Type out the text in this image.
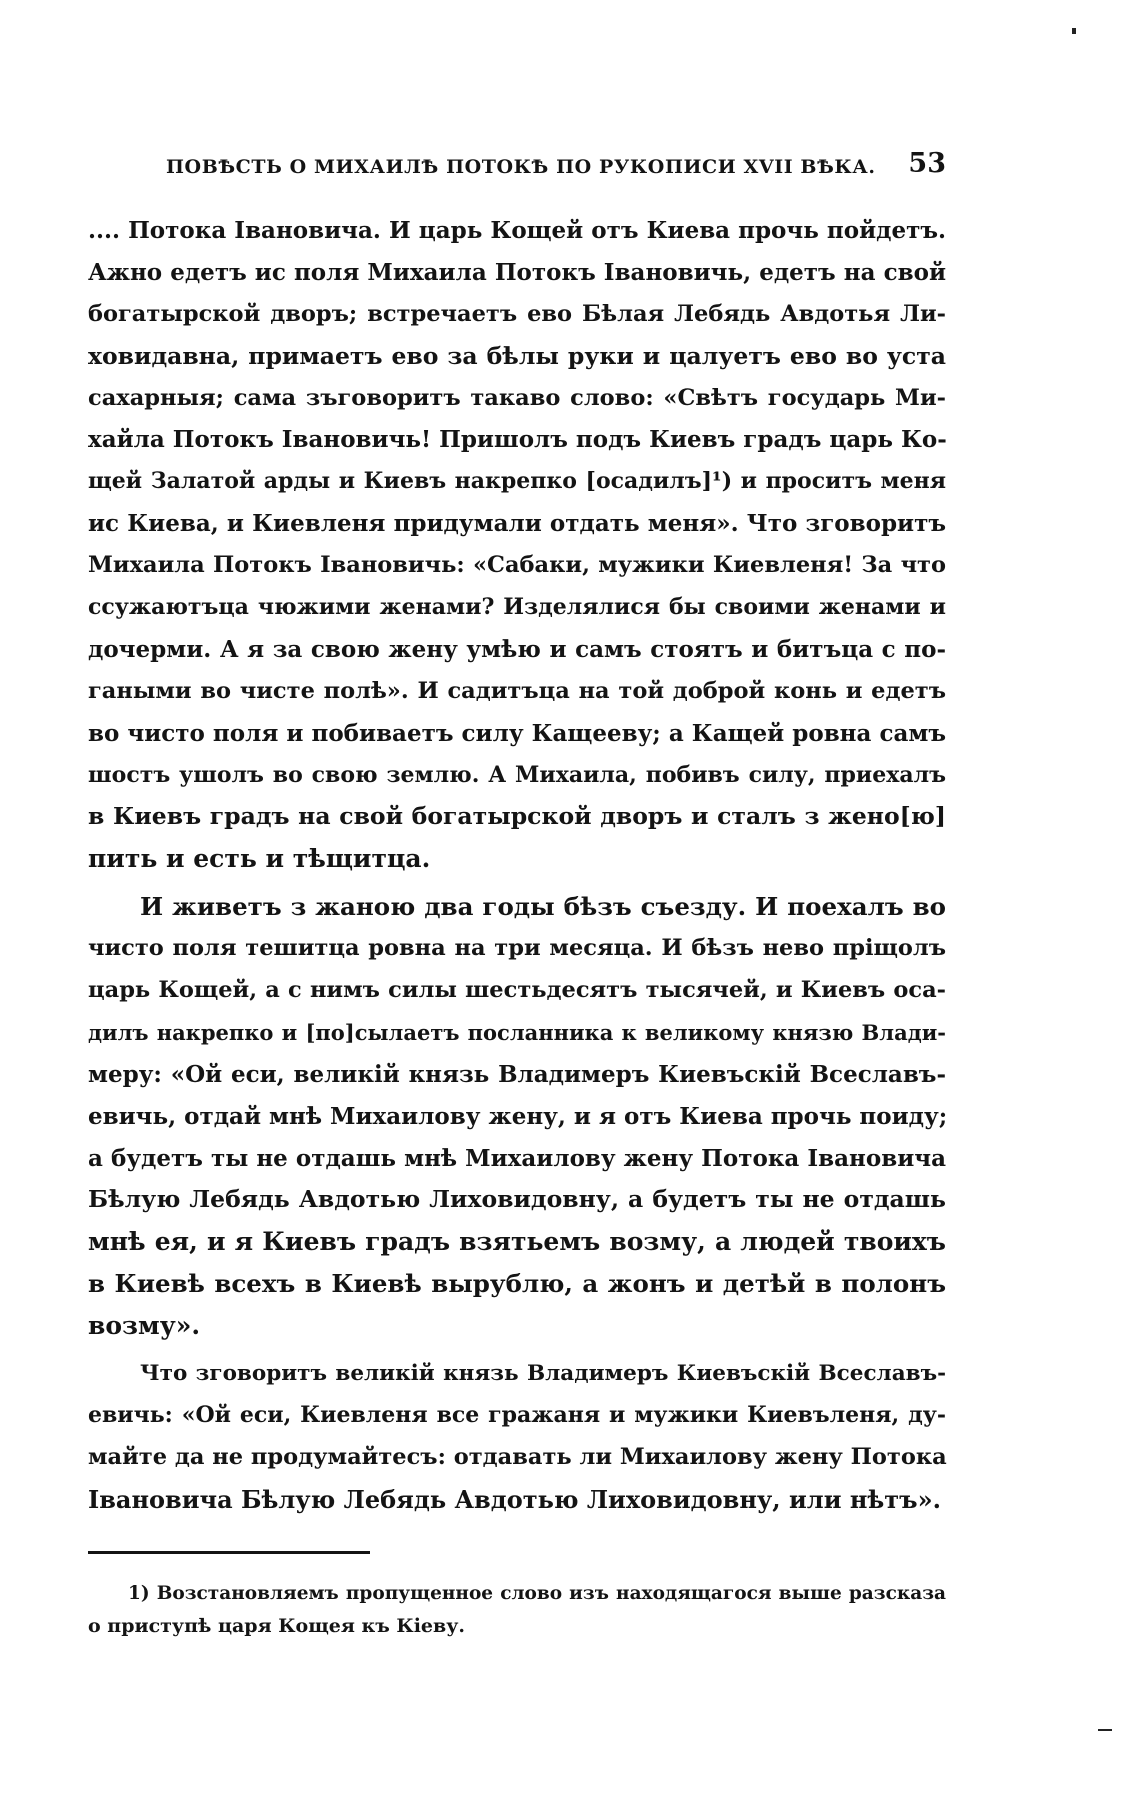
ПОВѢСТЬ О МИХАИЛѢ ПОТОКѢ ПО РУКОПИСИ XVII ВѢКА. 53
.... Потока Івановича. И царь Кощей отъ Киева прочь пойдетъ.
Ажно едетъ ис поля Михаила Потокъ Івановичь, едетъ на свой
богатырской дворъ; встречаетъ ево Бѣлая Лебядь Авдотья Ли-
ховидавна, примаетъ ево за бѣлы руки и цалуетъ ево во уста
сахарныя; сама зъговоритъ такаво слово: «Свѣтъ государь Ми-
хайла Потокъ Івановичь! Пришолъ подъ Киевъ градъ царь Ко-
щей Залатой арды и Киевъ накрепко [осадилъ]¹) и проситъ меня
ис Киева, и Киевленя придумали отдать меня». Что зговоритъ
Михаила Потокъ Івановичь: «Сабаки, мужики Киевленя! За что
ссужаютъца чюжими женами? Изделялися бы своими женами и
дочерми. А я за свою жену умѣю и самъ стоятъ и битъца с по-
гаными во чисте полѣ». И садитъца на той доброй конь и едетъ
во чисто поля и побиваетъ силу Кащееву; а Кащей ровна самъ
шостъ ушолъ во свою землю. А Михаила, побивъ силу, приехалъ
в Киевъ градъ на свой богатырской дворъ и сталъ з жено[ю]
пить и есть и тѣщитца.
И живетъ з жаною два годы бѣзъ съезду. И поехалъ во
чисто поля тешитца ровна на три месяца. И бѣзъ нево пріщолъ
царь Кощей, а с нимъ силы шестьдесятъ тысячей, и Киевъ оса-
дилъ накрепко и [по]сылаетъ посланника к великому князю Влади-
меру: «Ой еси, великій князь Владимеръ Киевъскій Всеславъ-
евичь, отдай мнѣ Михаилову жену, и я отъ Киева прочь поиду;
а будетъ ты не отдашь мнѣ Михаилову жену Потока Івановича
Бѣлую Лебядь Авдотью Лиховидовну, а будетъ ты не отдашь
мнѣ ея, и я Киевъ градъ взятьемъ возму, а людей твоихъ
в Киевѣ всехъ в Киевѣ вырублю, а жонъ и детѣй в полонъ
возму».
Что зговоритъ великій князь Владимеръ Киевъскій Всеславъ-
евичь: «Ой еси, Киевленя все гражаня и мужики Киевъленя, ду-
майте да не продумайтесъ: отдавать ли Михаилову жену Потока
Івановича Бѣлую Лебядь Авдотью Лиховидовну, или нѣтъ».
1) Возстановляемъ пропущенное слово изъ находящагося выше разсказа
о приступѣ царя Кощея къ Кіеву.
